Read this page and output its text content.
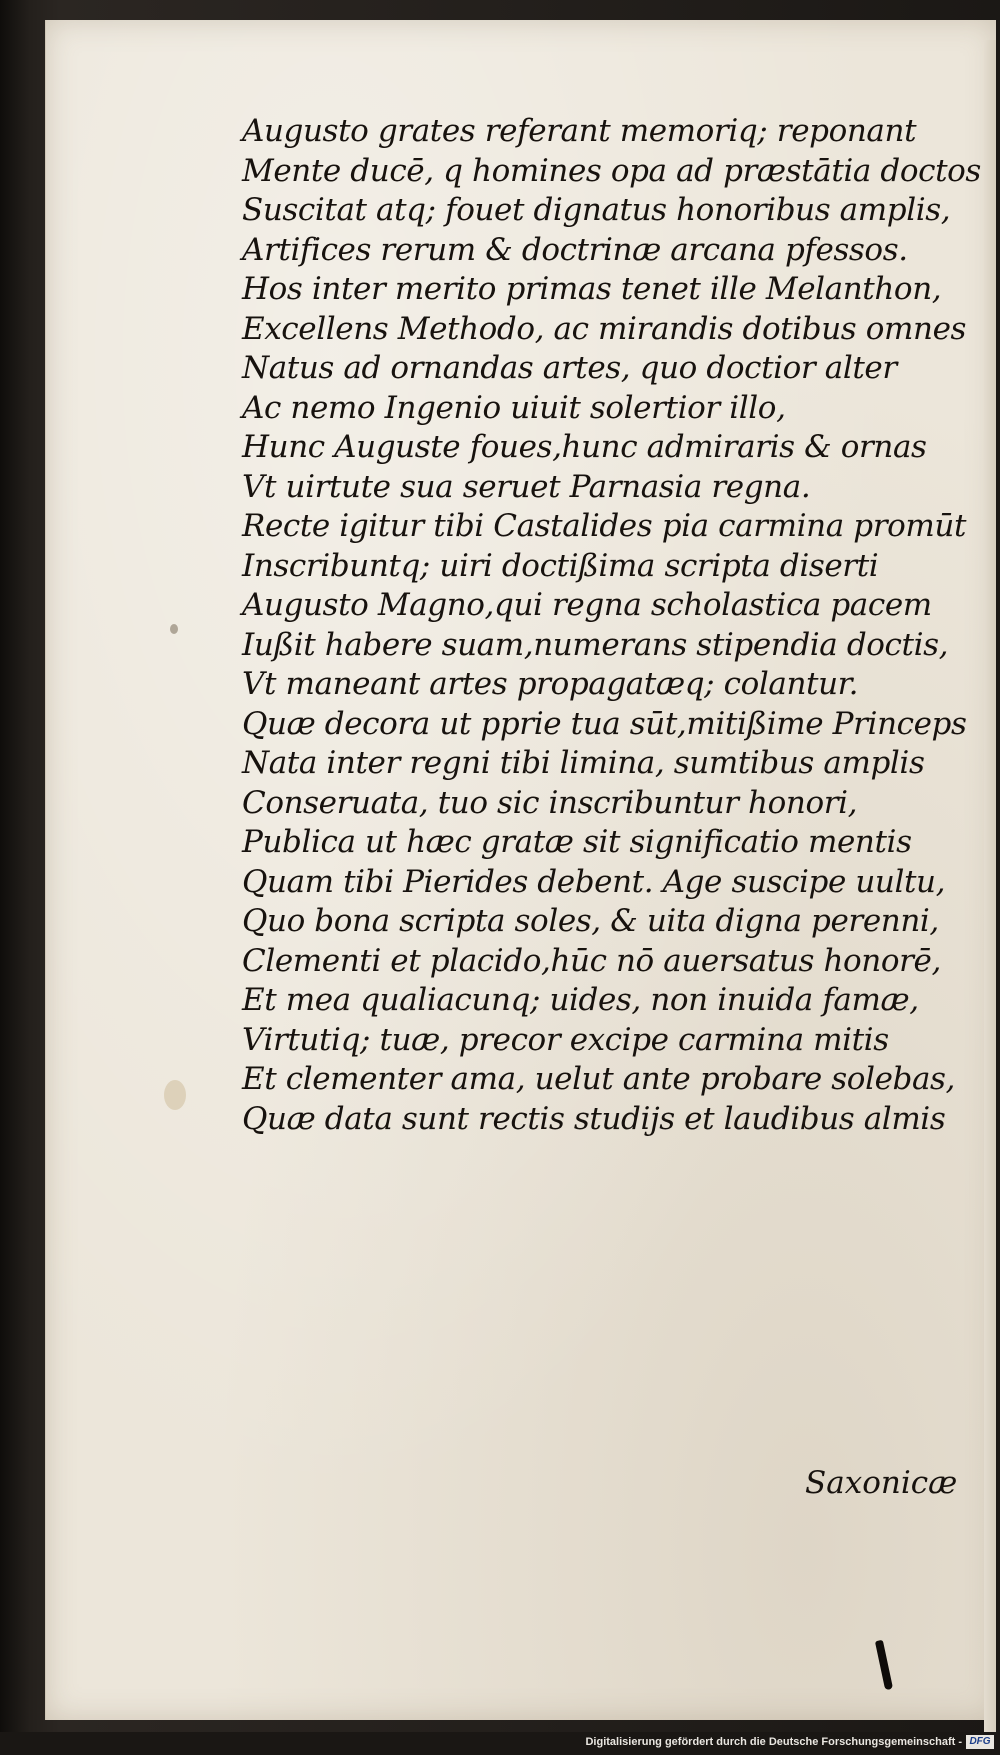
Augusto grates referant memoriq; reponant
Mente ducē, q homines opa ad præstātia doctos
Suscitat atq; fouet dignatus honoribus amplis,
Artifices rerum & doctrinæ arcana pfessos.
Hos inter merito primas tenet ille Melanthon,
Excellens Methodo, ac mirandis dotibus omnes
Natus ad ornandas artes, quo doctior alter
Ac nemo Ingenio uiuit solertior illo,
Hunc Auguste foues,hunc admiraris & ornas
Vt uirtute sua seruet Parnasia regna.
Recte igitur tibi Castalides pia carmina promūt
Inscribuntq; uiri doctißima scripta diserti
Augusto Magno,qui regna scholastica pacem
Iußit habere suam,numerans stipendia doctis,
Vt maneant artes propagatæq; colantur.
Quæ decora ut pprie tua sūt,mitißime Princeps
Nata inter regni tibi limina, sumtibus amplis
Conseruata, tuo sic inscribuntur honori,
Publica ut hæc gratæ sit significatio mentis
Quam tibi Pierides debent. Age suscipe uultu,
Quo bona scripta soles, & uita digna perenni,
Clementi et placido,hūc nō auersatus honorē,
Et mea qualiacunq; uides, non inuida famæ,
Virtutiq; tuæ, precor excipe carmina mitis
Et clementer ama, uelut ante probare solebas,
Quæ data sunt rectis studijs et laudibus almis
Saxonicæ
Digitalisierung gefördert durch die Deutsche Forschungsgemeinschaft - DFG
